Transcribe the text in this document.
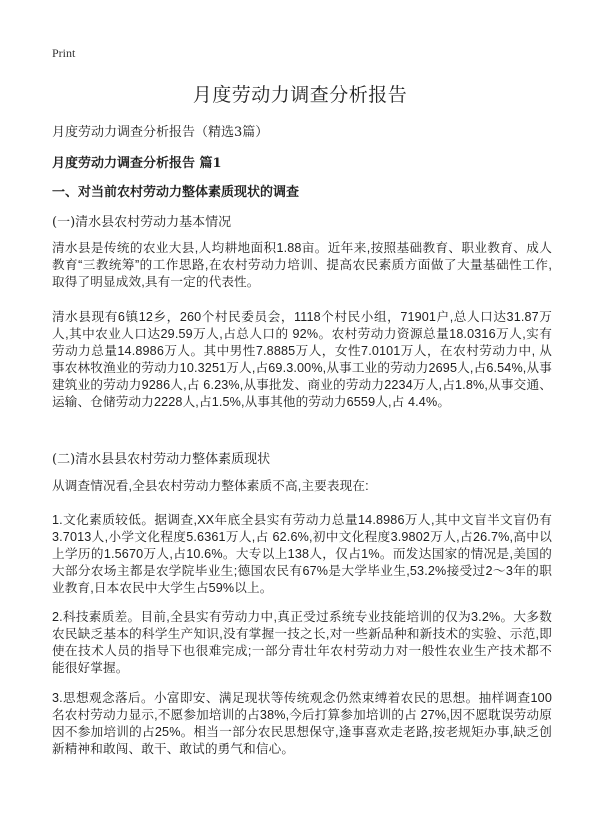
Print
月度劳动力调查分析报告
月度劳动力调查分析报告（精选3篇）
月度劳动力调查分析报告 篇1
一、对当前农村劳动力整体素质现状的调查
(一)清水县农村劳动力基本情况

清水县是传统的农业大县,人均耕地面积1.88亩。近年来,按照基础教育、职业教育、成人教育“三教统筹”的工作思路,在农村劳动力培训、提高农民素质方面做了大量基础性工作,取得了明显成效,具有一定的代表性。

清水县现有6镇12乡，260个村民委员会，1118个村民小组，71901户,总人口达31.87万人,其中农业人口达29.59万人,占总人口的 92%。农村劳动力资源总量18.0316万人,实有劳动力总量14.8986万人。其中男性7.8885万人，女性7.0101万人，在农村劳动力中, 从事农林牧渔业的劳动力10.3251万人,占69.3.00%,从事工业的劳动力2695人,占6.54%,从事建筑业的劳动力9286人,占 6.23%,从事批发、商业的劳动力2234万人,占1.8%,从事交通、运输、仓储劳动力2228人,占1.5%,从事其他的劳动力6559人,占 4.4%。

(二)清水县县农村劳动力整体素质现状

从调查情况看,全县农村劳动力整体素质不高,主要表现在:

1.文化素质较低。据调查,XX年底全县实有劳动力总量14.8986万人,其中文盲半文盲仍有3.7013人,小学文化程度5.6361万人,占 62.6%,初中文化程度3.9802万人,占26.7%,高中以上学历的1.5670万人,占10.6%。大专以上138人，仅占1%。而发达国家的情况是,美国的大部分农场主都是农学院毕业生;德国农民有67%是大学毕业生,53.2%接受过2～3年的职业教育,日本农民中大学生占59%以上。

2.科技素质差。目前,全县实有劳动力中,真正受过系统专业技能培训的仅为3.2%。大多数农民缺乏基本的科学生产知识,没有掌握一技之长,对一些新品种和新技术的实验、示范,即使在技术人员的指导下也很难完成;一部分青壮年农村劳动力对一般性农业生产技术都不能很好掌握。

3.思想观念落后。小富即安、满足现状等传统观念仍然束缚着农民的思想。抽样调查100名农村劳动力显示,不愿参加培训的占38%,今后打算参加培训的占 27%,因不愿耽误劳动原因不参加培训的占25%。相当一部分农民思想保守,逢事喜欢走老路,按老规矩办事,缺乏创新精神和敢闯、敢干、敢试的勇气和信心。
